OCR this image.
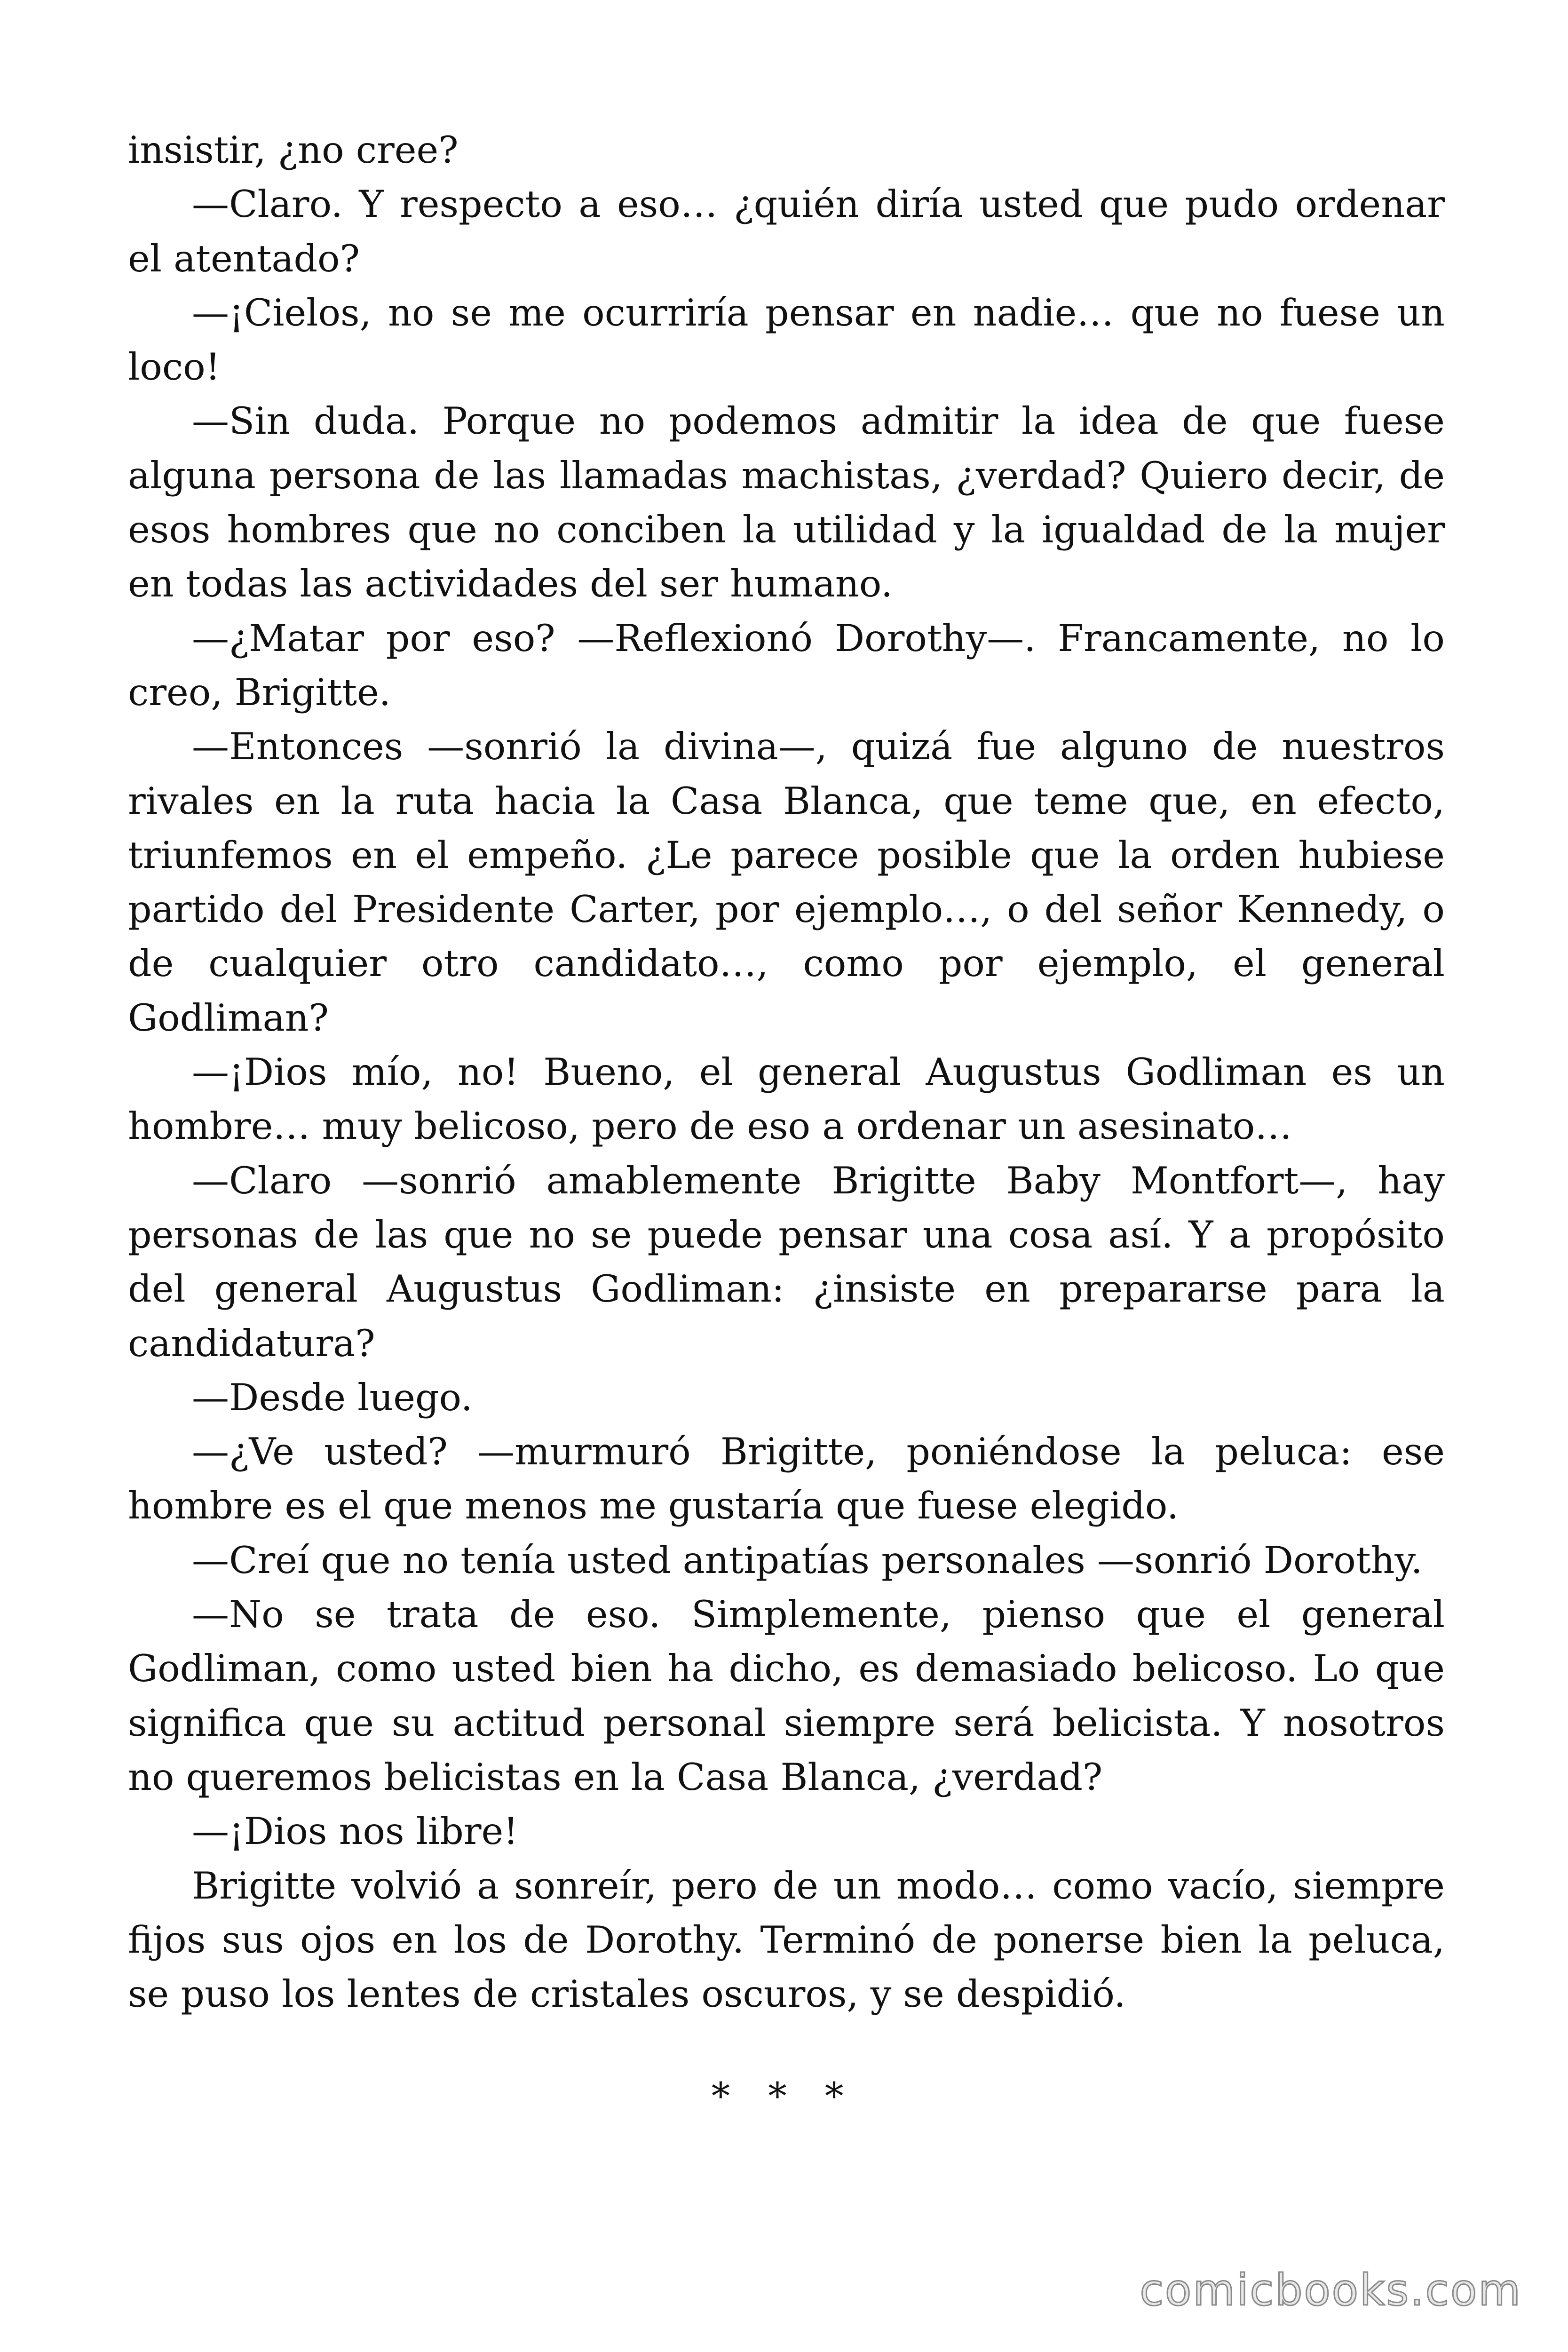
insistir, ¿no cree?

—Claro. Y respecto a eso… ¿quién diría usted que pudo ordenar el atentado?

—¡Cielos, no se me ocurriría pensar en nadie… que no fuese un loco!

—Sin duda. Porque no podemos admitir la idea de que fuese alguna persona de las llamadas machistas, ¿verdad? Quiero decir, de esos hombres que no conciben la utilidad y la igualdad de la mujer en todas las actividades del ser humano.

—¿Matar por eso? —Reflexionó Dorothy—. Francamente, no lo creo, Brigitte.

—Entonces —sonrió la divina—, quizá fue alguno de nuestros rivales en la ruta hacia la Casa Blanca, que teme que, en efecto, triunfemos en el empeño. ¿Le parece posible que la orden hubiese partido del Presidente Carter, por ejemplo…, o del señor Kennedy, o de cualquier otro candidato…, como por ejemplo, el general Godliman?

—¡Dios mío, no! Bueno, el general Augustus Godliman es un hombre… muy belicoso, pero de eso a ordenar un asesinato…

—Claro —sonrió amablemente Brigitte Baby Montfort—, hay personas de las que no se puede pensar una cosa así. Y a propósito del general Augustus Godliman: ¿insiste en prepararse para la candidatura?

—Desde luego.

—¿Ve usted? —murmuró Brigitte, poniéndose la peluca: ese hombre es el que menos me gustaría que fuese elegido.

—Creí que no tenía usted antipatías personales —sonrió Dorothy.

—No se trata de eso. Simplemente, pienso que el general Godliman, como usted bien ha dicho, es demasiado belicoso. Lo que significa que su actitud personal siempre será belicista. Y nosotros no queremos belicistas en la Casa Blanca, ¿verdad?

—¡Dios nos libre!

Brigitte volvió a sonreír, pero de un modo… como vacío, siempre fijos sus ojos en los de Dorothy. Terminó de ponerse bien la peluca, se puso los lentes de cristales oscuros, y se despidió.

* * *
comicbooks.com
